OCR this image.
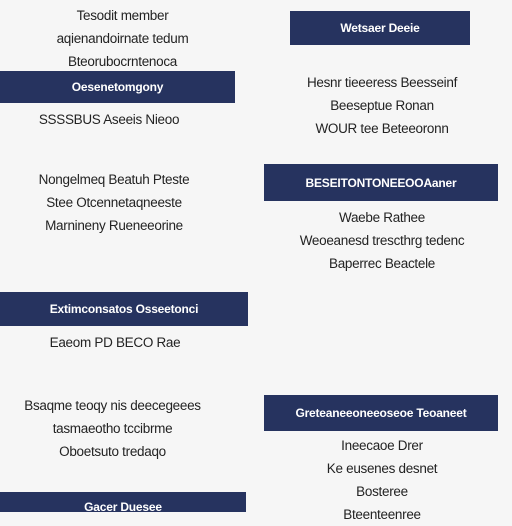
Tesodit member
aqienandoirnate tedum
Bteorubocrntenoca
Oesenetomgony
SSSSBUS Aseeis Nieoo
Nongelmeq Beatuh Pteste
Stee Otcennetaqneeste
Marnineny Rueneeorine
Extimconsatos Osseetonci
Eaeom PD BECO Rae
Bsaqme teoqy nis deecegeees
tasmaeotho tccibrme
Oboetsuto tredaqo
Gacer Duesee
Wetsaer Deeie
Hesnr tieeeress Beesseinf
Beeseptue Ronan
WOUR tee Beteeoronn
BESEITONTONEEOOAaner
Waebe Rathee
Weoeanesd trescthrg tedenc
Baperrec Beactele
Greteaneeoneeoseoe Teoaneet
Ineecaoe Drer
Ke eusenes desnet
Bosteree
Bteenteenree
